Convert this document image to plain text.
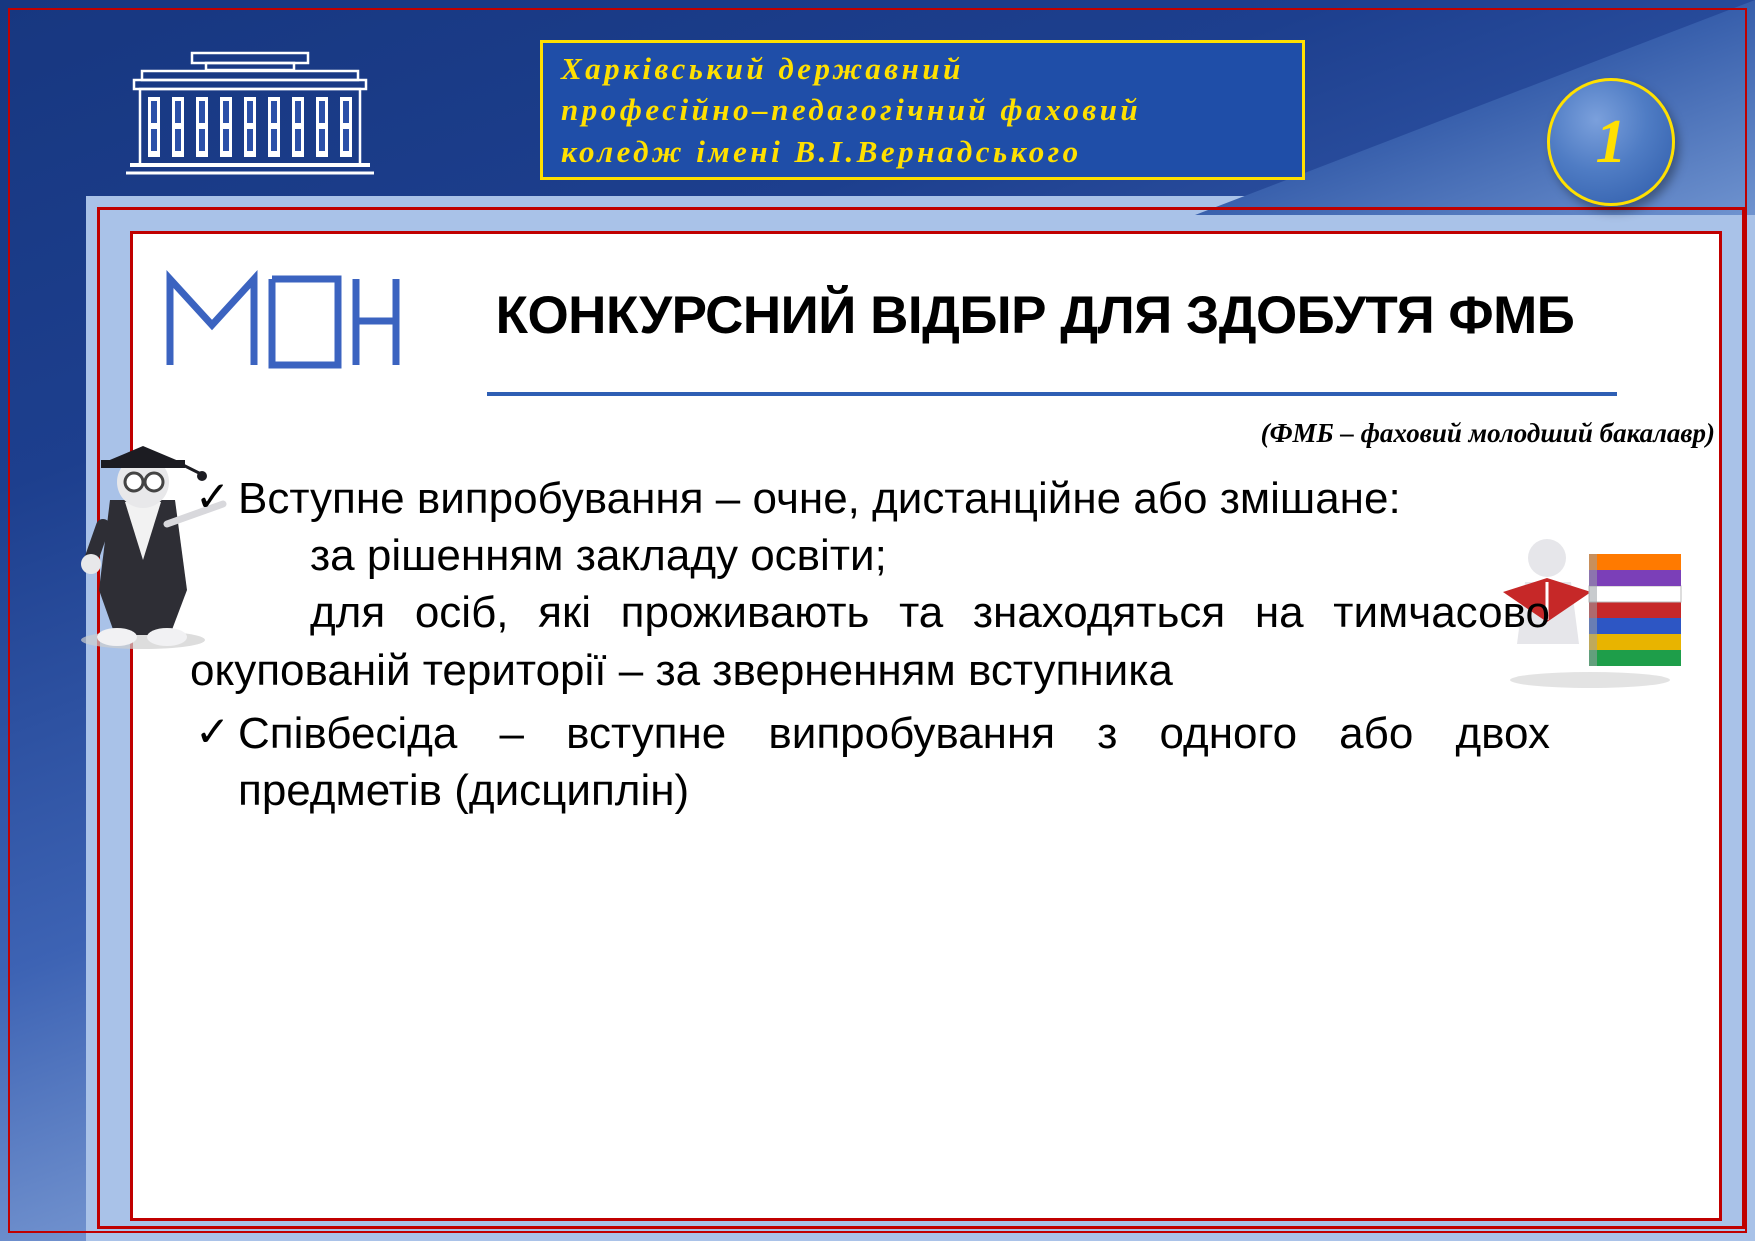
Харківський державний
професійно–педагогічний фаховий
коледж імені В.І.Вернадського	1
КОНКУРСНИЙ ВІДБІР ДЛЯ ЗДОБУТЯ ФМБ
(ФМБ – фаховий молодший бакалавр)
✓ Вступне випробування – очне, дистанційне або змішане:
за рішенням закладу освіти;
для осіб, які проживають та знаходяться на тимчасово окупованій території – за зверненням вступника
✓ Співбесіда – вступне випробування з одного або двох предметів (дисциплін)
